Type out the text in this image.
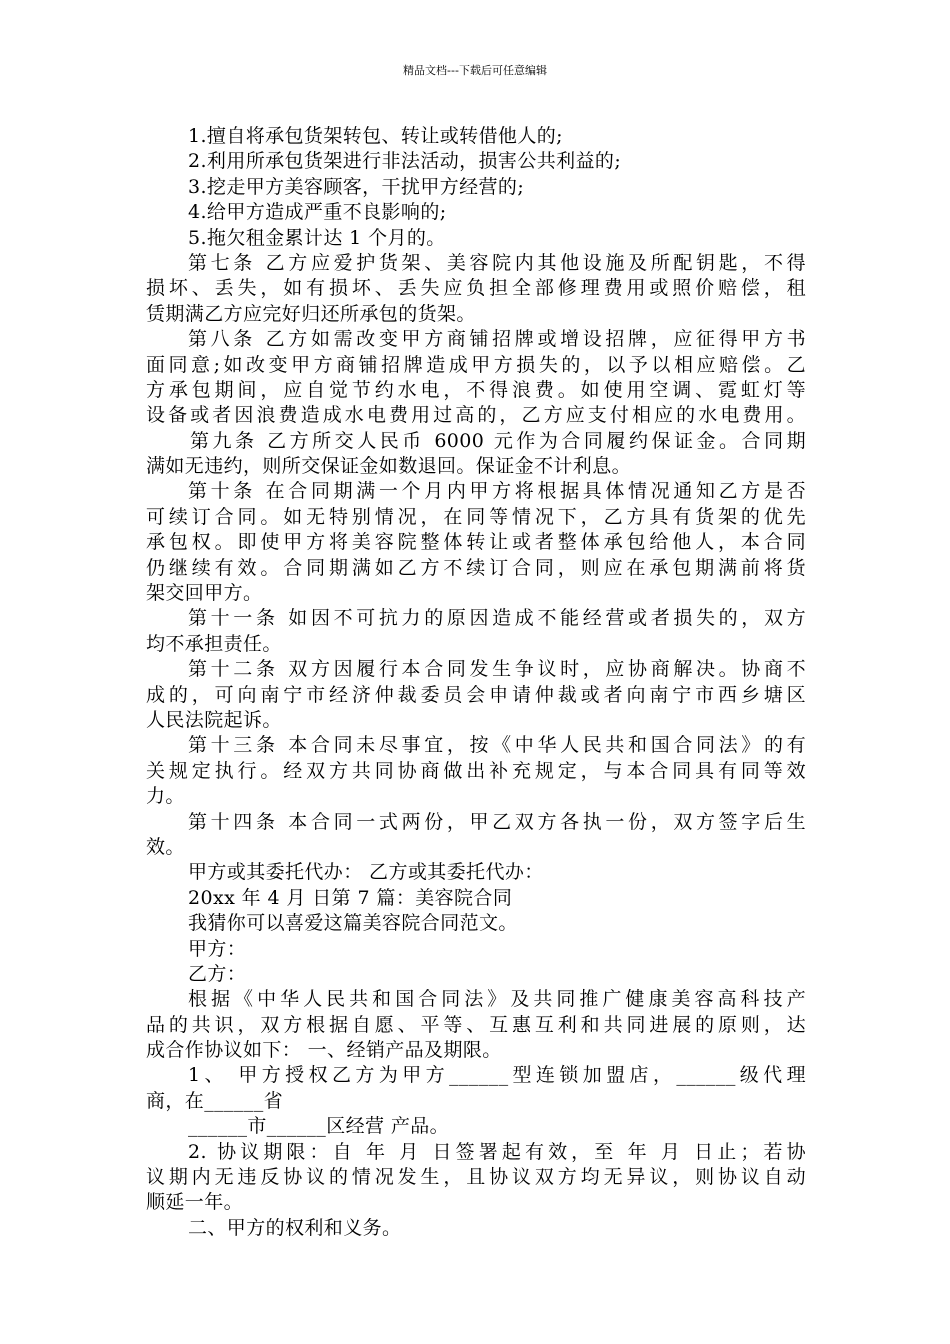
精品文档---下载后可任意编辑
1.擅自将承包货架转包、转让或转借他人的;
2.利用所承包货架进行非法活动，损害公共利益的;
3.挖走甲方美容顾客，干扰甲方经营的;
4.给甲方造成严重不良影响的;
5.拖欠租金累计达 1 个月的。
第七条 乙方应爱护货架、美容院内其他设施及所配钥匙，不得
损坏、丢失，如有损坏、丢失应负担全部修理费用或照价赔偿，租
赁期满乙方应完好归还所承包的货架。
第八条 乙方如需改变甲方商铺招牌或增设招牌，应征得甲方书
面同意;如改变甲方商铺招牌造成甲方损失的，以予以相应赔偿。乙
方承包期间，应自觉节约水电，不得浪费。如使用空调、霓虹灯等
设备或者因浪费造成水电费用过高的，乙方应支付相应的水电费用。
第九条 乙方所交人民币 6000 元作为合同履约保证金。合同期
满如无违约，则所交保证金如数退回。保证金不计利息。
第十条 在合同期满一个月内甲方将根据具体情况通知乙方是否
可续订合同。如无特别情况，在同等情况下，乙方具有货架的优先
承包权。即使甲方将美容院整体转让或者整体承包给他人，本合同
仍继续有效。合同期满如乙方不续订合同，则应在承包期满前将货
架交回甲方。
第十一条 如因不可抗力的原因造成不能经营或者损失的，双方
均不承担责任。
第十二条 双方因履行本合同发生争议时，应协商解决。协商不
成的，可向南宁市经济仲裁委员会申请仲裁或者向南宁市西乡塘区
人民法院起诉。
第十三条 本合同未尽事宜，按《中华人民共和国合同法》的有
关规定执行。经双方共同协商做出补充规定，与本合同具有同等效
力。
第十四条 本合同一式两份，甲乙双方各执一份，双方签字后生
效。
甲方或其委托代办： 乙方或其委托代办：
20xx 年 4 月 日第 7 篇：美容院合同
我猜你可以喜爱这篇美容院合同范文。
甲方：
乙方：
根据《中华人民共和国合同法》及共同推广健康美容高科技产
品的共识，双方根据自愿、平等、互惠互利和共同进展的原则，达
成合作协议如下： 一、经销产品及期限。
1、 甲方授权乙方为甲方______型连锁加盟店，______级代理
商，在______省
______市______区经营 产品。
2. 协议期限：自 年 月 日签署起有效，至 年 月 日止；若协
议期内无违反协议的情况发生，且协议双方均无异议，则协议自动
顺延一年。
二、甲方的权利和义务。
